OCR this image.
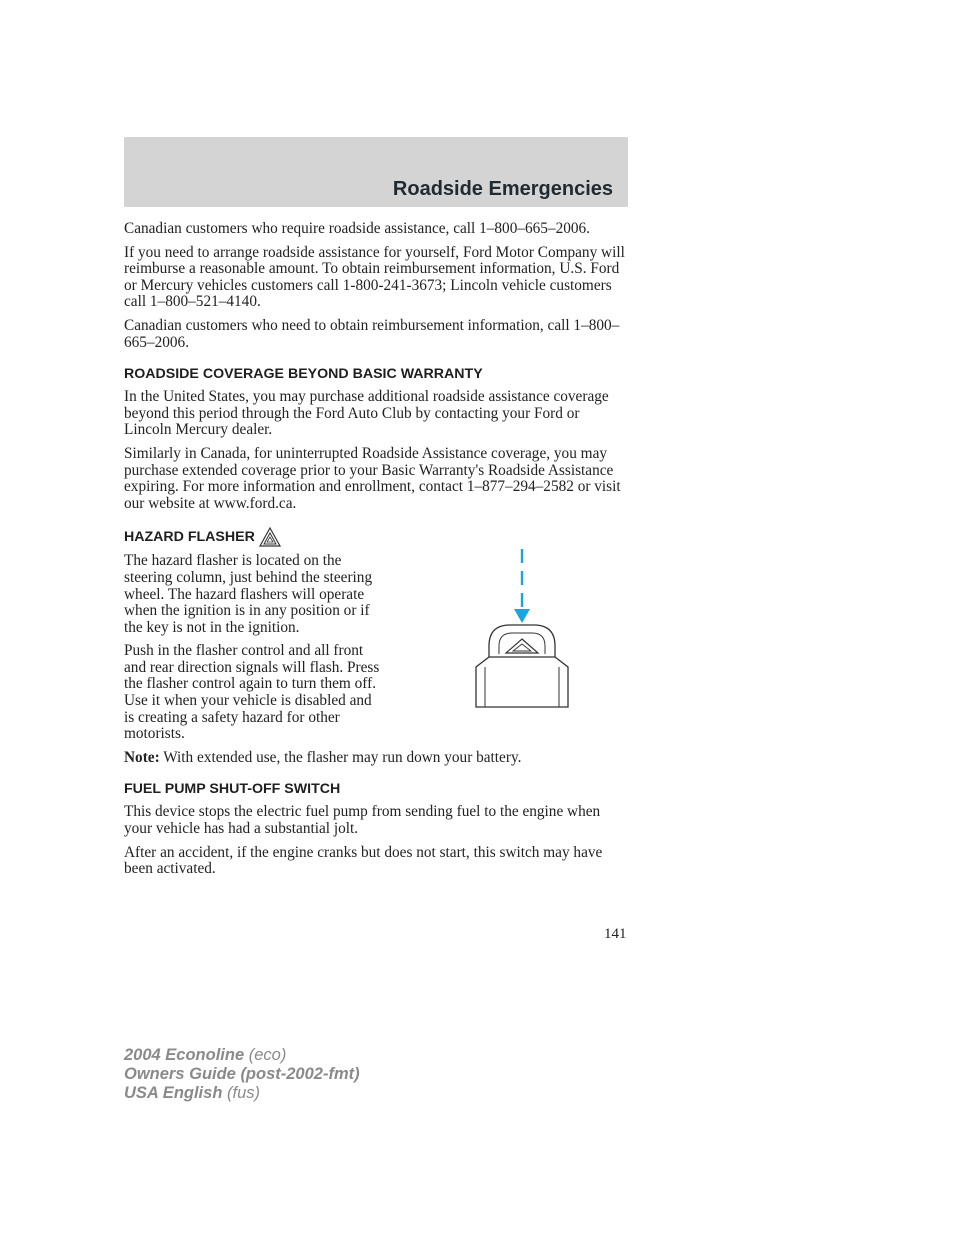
Roadside Emergencies

Canadian customers who require roadside assistance, call 1–800–665–2006.

If you need to arrange roadside assistance for yourself, Ford Motor Company will reimburse a reasonable amount. To obtain reimbursement information, U.S. Ford or Mercury vehicles customers call 1-800-241-3673; Lincoln vehicle customers call 1–800–521–4140.

Canadian customers who need to obtain reimbursement information, call 1–800–665–2006.

ROADSIDE COVERAGE BEYOND BASIC WARRANTY

In the United States, you may purchase additional roadside assistance coverage beyond this period through the Ford Auto Club by contacting your Ford or Lincoln Mercury dealer.

Similarly in Canada, for uninterrupted Roadside Assistance coverage, you may purchase extended coverage prior to your Basic Warranty's Roadside Assistance expiring. For more information and enrollment, contact 1–877–294–2582 or visit our website at www.ford.ca.

HAZARD FLASHER

The hazard flasher is located on the steering column, just behind the steering wheel. The hazard flashers will operate when the ignition is in any position or if the key is not in the ignition.

Push in the flasher control and all front and rear direction signals will flash. Press the flasher control again to turn them off. Use it when your vehicle is disabled and is creating a safety hazard for other motorists.

Note: With extended use, the flasher may run down your battery.

FUEL PUMP SHUT-OFF SWITCH

This device stops the electric fuel pump from sending fuel to the engine when your vehicle has had a substantial jolt.

After an accident, if the engine cranks but does not start, this switch may have been activated.

141
2004 Econoline (eco)
Owners Guide (post-2002-fmt)
USA English (fus)
